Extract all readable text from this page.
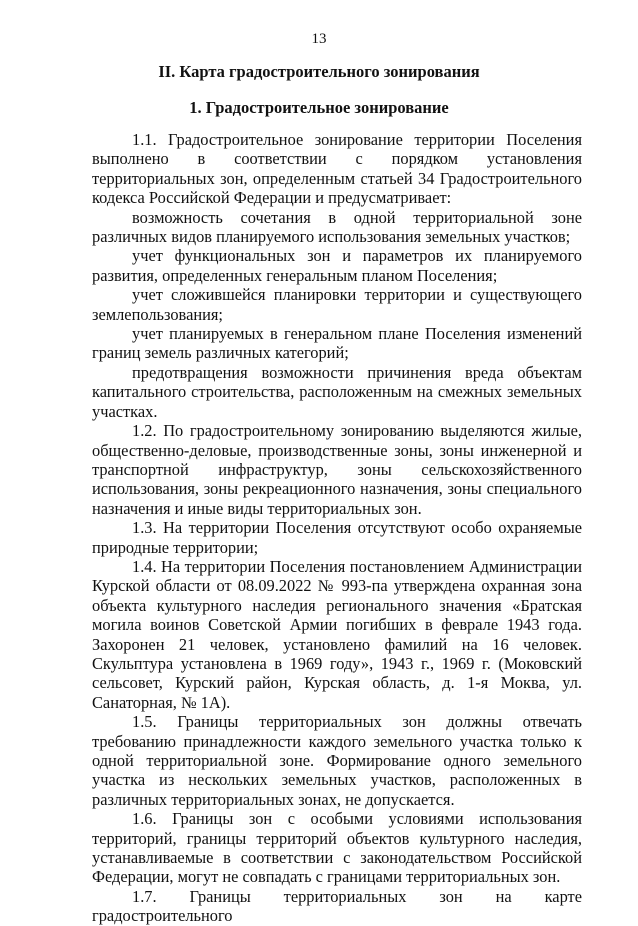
13
II. Карта градостроительного зонирования
1. Градостроительное зонирование

1.1. Градостроительное зонирование территории Поселения выполнено в соответствии с порядком установления территориальных зон, определенным статьей 34 Градостроительного кодекса Российской Федерации и предусматривает:

возможность сочетания в одной территориальной зоне различных видов планируемого использования земельных участков;

учет функциональных зон и параметров их планируемого развития, определенных генеральным планом Поселения;

учет сложившейся планировки территории и существующего землепользования;

учет планируемых в генеральном плане Поселения изменений границ земель различных категорий;

предотвращения возможности причинения вреда объектам капитального строительства, расположенным на смежных земельных участках.

1.2. По градостроительному зонированию выделяются жилые, общественно-деловые, производственные зоны, зоны инженерной и транспортной инфраструктур, зоны сельскохозяйственного использования, зоны рекреационного назначения, зоны специального назначения и иные виды территориальных зон.

1.3. На территории Поселения отсутствуют особо охраняемые природные территории;

1.4. На территории Поселения постановлением Администрации Курской области от 08.09.2022 № 993-па утверждена охранная зона объекта культурного наследия регионального значения «Братская могила воинов Советской Армии погибших в феврале 1943 года. Захоронен 21 человек, установлено фамилий на 16 человек. Скульптура установлена в 1969 году», 1943 г., 1969 г. (Моковский сельсовет, Курский район, Курская область, д. 1-я Моква, ул. Санаторная, № 1А).

1.5. Границы территориальных зон должны отвечать требованию принадлежности каждого земельного участка только к одной территориальной зоне. Формирование одного земельного участка из нескольких земельных участков, расположенных в различных территориальных зонах, не допускается.

1.6. Границы зон с особыми условиями использования территорий, границы территорий объектов культурного наследия, устанавливаемые в соответствии с законодательством Российской Федерации, могут не совпадать с границами территориальных зон.

1.7. Границы территориальных зон на карте градостроительного
